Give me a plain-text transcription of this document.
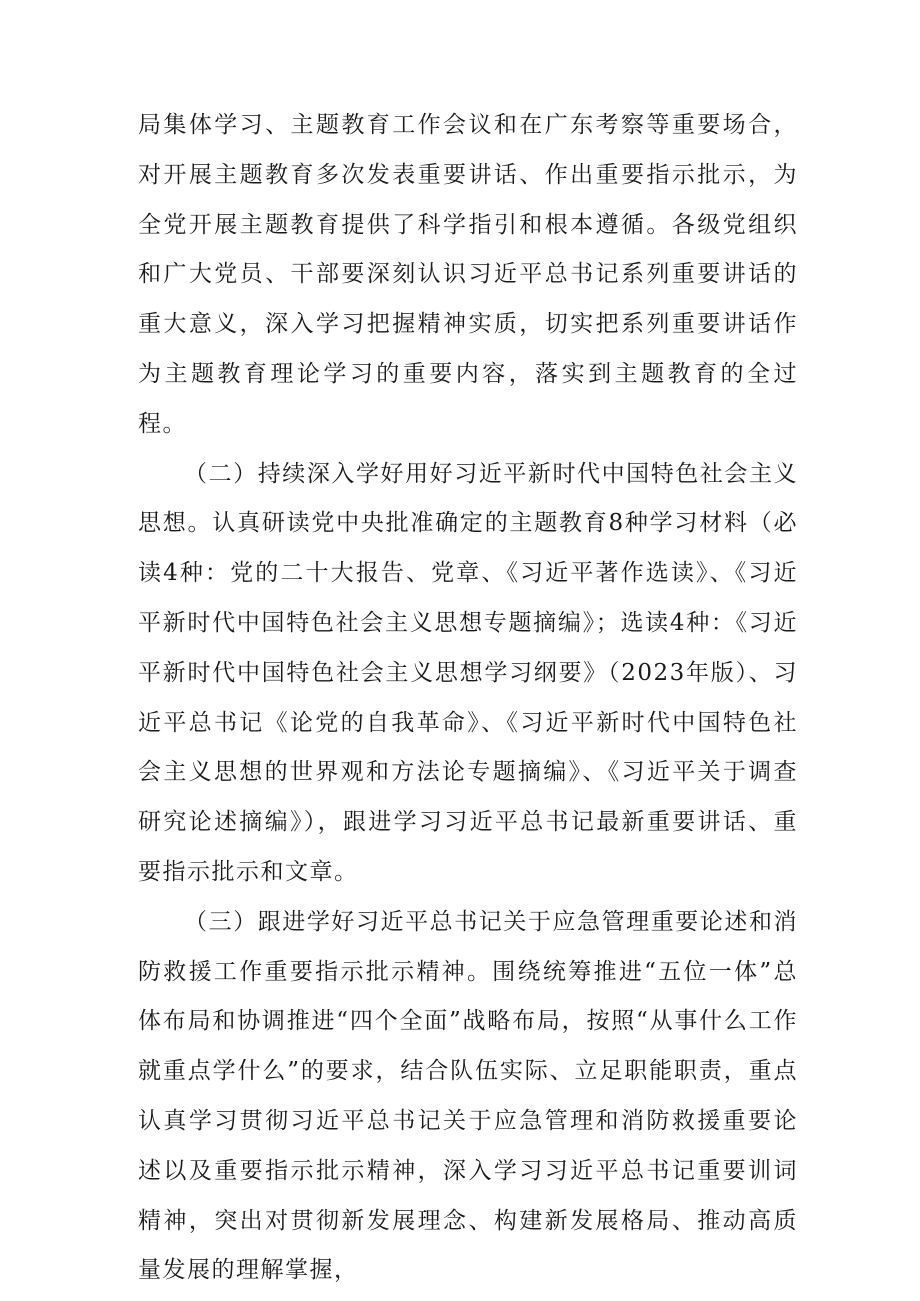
局集体学习、主题教育工作会议和在广东考察等重要场合，对开展主题教育多次发表重要讲话、作出重要指示批示，为全党开展主题教育提供了科学指引和根本遵循。各级党组织和广大党员、干部要深刻认识习近平总书记系列重要讲话的重大意义，深入学习把握精神实质，切实把系列重要讲话作为主题教育理论学习的重要内容，落实到主题教育的全过程。

（二）持续深入学好用好习近平新时代中国特色社会主义思想。认真研读党中央批准确定的主题教育8种学习材料（必读4种：党的二十大报告、党章、《习近平著作选读》、《习近平新时代中国特色社会主义思想专题摘编》；选读4种：《习近平新时代中国特色社会主义思想学习纲要》（2023年版）、习近平总书记《论党的自我革命》、《习近平新时代中国特色社会主义思想的世界观和方法论专题摘编》、《习近平关于调查研究论述摘编》），跟进学习习近平总书记最新重要讲话、重要指示批示和文章。

（三）跟进学好习近平总书记关于应急管理重要论述和消防救援工作重要指示批示精神。围绕统筹推进“五位一体”总体布局和协调推进“四个全面”战略布局，按照“从事什么工作就重点学什么”的要求，结合队伍实际、立足职能职责，重点认真学习贯彻习近平总书记关于应急管理和消防救援重要论述以及重要指示批示精神，深入学习习近平总书记重要训词精神，突出对贯彻新发展理念、构建新发展格局、推动高质量发展的理解掌握，
